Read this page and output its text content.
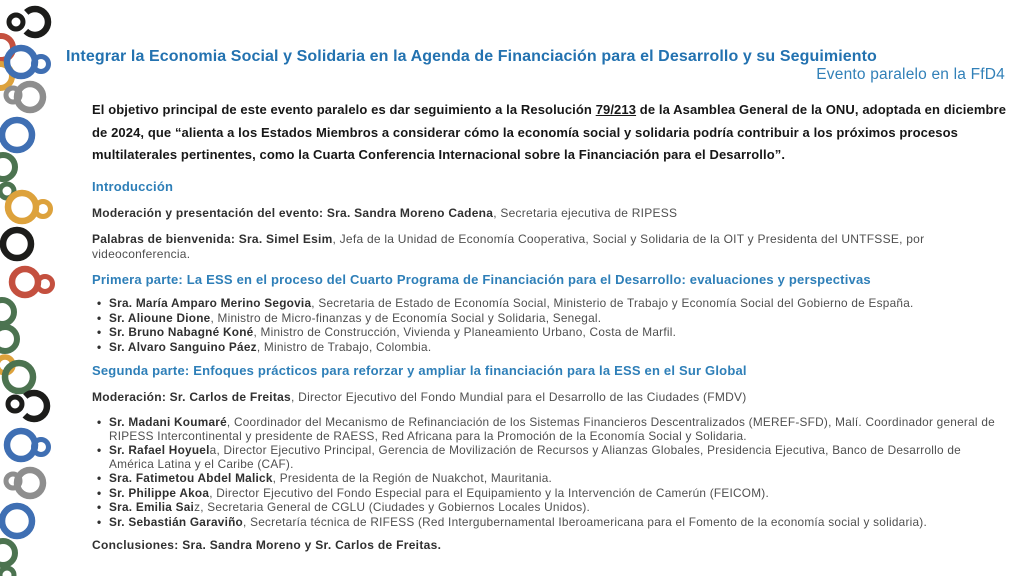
Integrar la Economia Social y Solidaria en la Agenda de Financiación para el Desarrollo y su Seguimiento
Evento paralelo en la FfD4

El objetivo principal de este evento paralelo es dar seguimiento a la Resolución 79/213 de la Asamblea General de la ONU, adoptada en diciembre de 2024, que “alienta a los Estados Miembros a considerar cómo la economía social y solidaria podría contribuir a los próximos procesos multilaterales pertinentes, como la Cuarta Conferencia Internacional sobre la Financiación para el Desarrollo”.

Introducción

Moderación y presentación del evento: Sra. Sandra Moreno Cadena, Secretaria ejecutiva de RIPESS

Palabras de bienvenida: Sra. Simel Esim, Jefa de la Unidad de Economía Cooperativa, Social y Solidaria de la OIT y Presidenta del UNTFSSE, por videoconferencia.

Primera parte: La ESS en el proceso del Cuarto Programa de Financiación para el Desarrollo: evaluaciones y perspectivas
• Sra. María Amparo Merino Segovia, Secretaria de Estado de Economía Social, Ministerio de Trabajo y Economía Social del Gobierno de España.
• Sr. Alioune Dione, Ministro de Micro-finanzas y de Economía Social y Solidaria, Senegal.
• Sr. Bruno Nabagné Koné, Ministro de Construcción, Vivienda y Planeamiento Urbano, Costa de Marfil.
• Sr. Alvaro Sanguino Páez, Ministro de Trabajo, Colombia.
Segunda parte: Enfoques prácticos para reforzar y ampliar la financiación para la ESS en el Sur Global

Moderación: Sr. Carlos de Freitas, Director Ejecutivo del Fondo Mundial para el Desarrollo de las Ciudades (FMDV)

• Sr. Madani Koumaré, Coordinador del Mecanismo de Refinanciación de los Sistemas Financieros Descentralizados (MEREF-SFD), Malí. Coordinador general de RIPESS Intercontinental y presidente de RAESS, Red Africana para la Promoción de la Economía Social y Solidaria.
• Sr. Rafael Hoyuela, Director Ejecutivo Principal, Gerencia de Movilización de Recursos y Alianzas Globales, Presidencia Ejecutiva, Banco de Desarrollo de América Latina y el Caribe (CAF).
• Sra. Fatimetou Abdel Malick, Presidenta de la Región de Nuakchot, Mauritania.
• Sr. Philippe Akoa, Director Ejecutivo del Fondo Especial para el Equipamiento y la Intervención de Camerún (FEICOM).
• Sra. Emilia Saiz, Secretaria General de CGLU (Ciudades y Gobiernos Locales Unidos).
• Sr. Sebastián Garaviño, Secretaría técnica de RIFESS (Red Intergubernamental Iberoamericana para el Fomento de la economía social y solidaria).

Conclusiones: Sra. Sandra Moreno y Sr. Carlos de Freitas.
